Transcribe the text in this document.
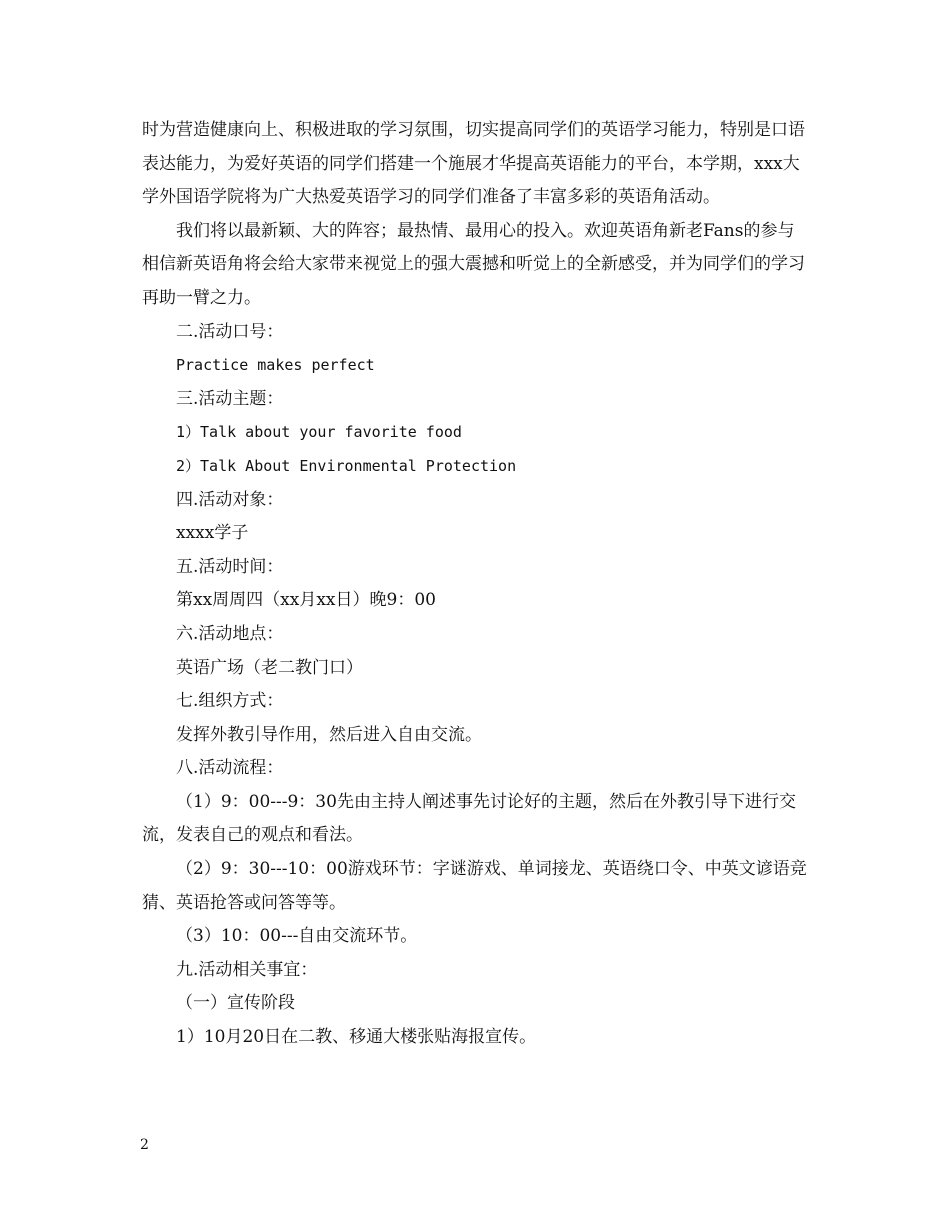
时为营造健康向上、积极进取的学习氛围，切实提高同学们的英语学习能力，特别是口语表达能力，为爱好英语的同学们搭建一个施展才华提高英语能力的平台，本学期，xxx大学外国语学院将为广大热爱英语学习的同学们准备了丰富多彩的英语角活动。

我们将以最新颖、大的阵容；最热情、最用心的投入。欢迎英语角新老Fans的参与相信新英语角将会给大家带来视觉上的强大震撼和听觉上的全新感受，并为同学们的学习再助一臂之力。

二.活动口号：

Practice makes perfect

三.活动主题：

1）Talk about your favorite food

2）Talk About Environmental Protection

四.活动对象：

xxxx学子

五.活动时间：

第xx周周四（xx月xx日）晚9：00

六.活动地点：

英语广场（老二教门口）

七.组织方式：

发挥外教引导作用，然后进入自由交流。

八.活动流程：

（1）9：00---9：30先由主持人阐述事先讨论好的主题，然后在外教引导下进行交流，发表自己的观点和看法。

（2）9：30---10：00游戏环节：字谜游戏、单词接龙、英语绕口令、中英文谚语竞猜、英语抢答或问答等等。

（3）10：00---自由交流环节。

九.活动相关事宜：

（一）宣传阶段

1）10月20日在二教、移通大楼张贴海报宣传。

2
